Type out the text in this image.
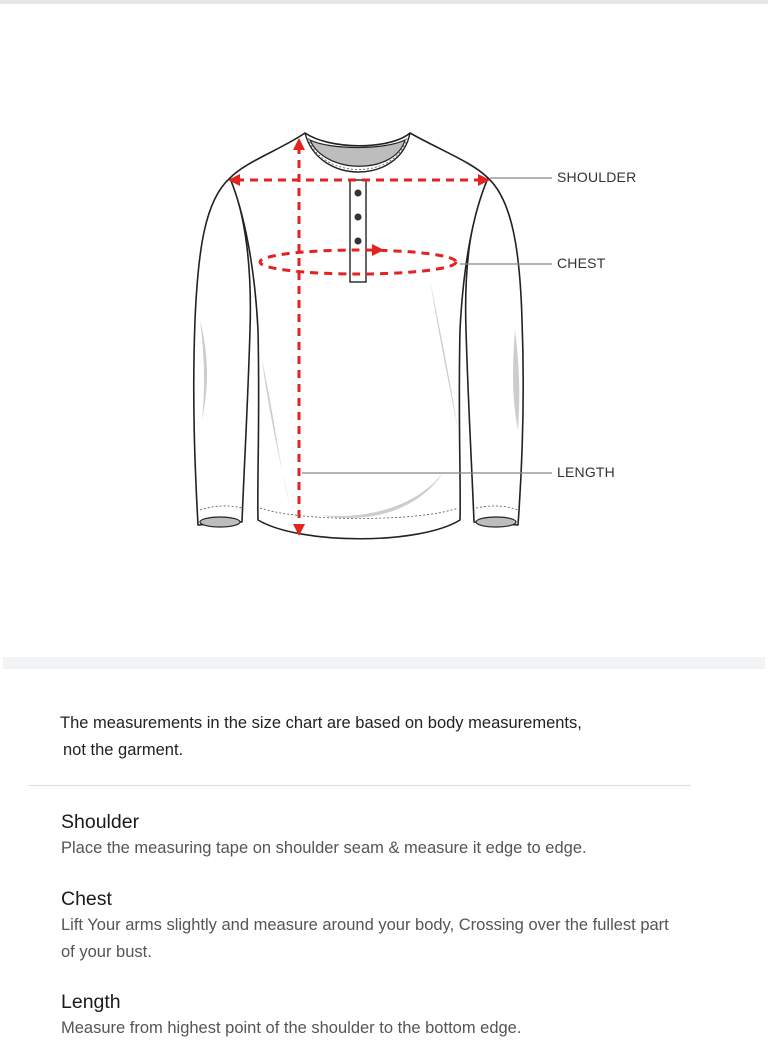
SHOULDER
CHEST
LENGTH
The measurements in the size chart are based on body measurements,
not the garment.
Shoulder

Place the measuring tape on shoulder seam & measure it edge to edge.

Chest

Lift Your arms slightly and measure around your body, Crossing over the fullest part of your bust.

Length

Measure from highest point of the shoulder to the bottom edge.
